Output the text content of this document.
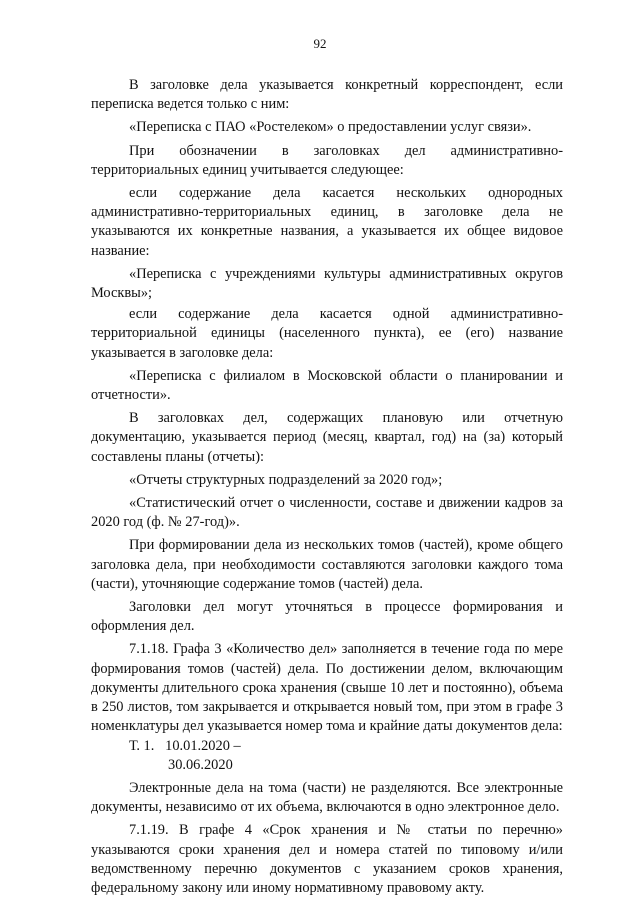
92

В заголовке дела указывается конкретный корреспондент, если переписка ведется только с ним:

«Переписка с ПАО «Ростелеком» о предоставлении услуг связи».

При обозначении в заголовках дел административно-территориальных единиц учитывается следующее:

если содержание дела касается нескольких однородных административно-территориальных единиц, в заголовке дела не указываются их конкретные названия, а указывается их общее видовое название:

«Переписка с учреждениями культуры административных округов Москвы»;

если содержание дела касается одной административно-территориальной единицы (населенного пункта), ее (его) название указывается в заголовке дела:

«Переписка с филиалом в Московской области о планировании и отчетности».

В заголовках дел, содержащих плановую или отчетную документацию, указывается период (месяц, квартал, год) на (за) который составлены планы (отчеты):

«Отчеты структурных подразделений за 2020 год»;

«Статистический отчет о численности, составе и движении кадров за 2020 год (ф. № 27-год)».

При формировании дела из нескольких томов (частей), кроме общего заголовка дела, при необходимости составляются заголовки каждого тома (части), уточняющие содержание томов (частей) дела.

Заголовки дел могут уточняться в процессе формирования и оформления дел.

7.1.18. Графа 3 «Количество дел» заполняется в течение года по мере формирования томов (частей) дела. По достижении делом, включающим документы длительного срока хранения (свыше 10 лет и постоянно), объема в 250 листов, том закрывается и открывается новый том, при этом в графе 3 номенклатуры дел указывается номер тома и крайние даты документов дела:

Т. 1.   10.01.2020 –

30.06.2020

Электронные дела на тома (части) не разделяются. Все электронные документы, независимо от их объема, включаются в одно электронное дело.

7.1.19. В графе 4 «Срок хранения и № статьи по перечню» указываются сроки хранения дел и номера статей по типовому и/или ведомственному перечню документов с указанием сроков хранения, федеральному закону или иному нормативному правовому акту.
